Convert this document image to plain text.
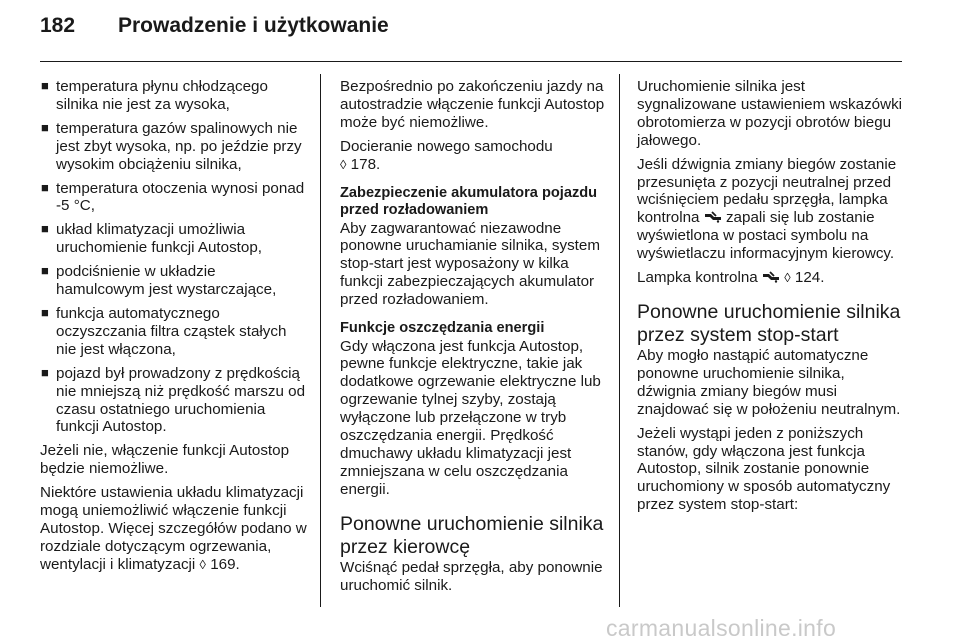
182 Prowadzenie i użytkowanie
■ temperatura płynu chłodzącego silnika nie jest za wysoka,
■ temperatura gazów spalinowych nie jest zbyt wysoka, np. po jeździe przy wysokim obciążeniu silnika,
■ temperatura otoczenia wynosi ponad -5 °C,
■ układ klimatyzacji umożliwia uruchomienie funkcji Autostop,
■ podciśnienie w układzie hamulcowym jest wystarczające,
■ funkcja automatycznego oczyszczania filtra cząstek stałych nie jest włączona,
■ pojazd był prowadzony z prędkością nie mniejszą niż prędkość marszu od czasu ostatniego uruchomienia funkcji Autostop.

Jeżeli nie, włączenie funkcji Autostop będzie niemożliwe.

Niektóre ustawienia układu klimatyzacji mogą uniemożliwić włączenie funkcji Autostop. Więcej szczegółów podano w rozdziale dotyczącym ogrzewania, wentylacji i klimatyzacji ◊ 169.

Bezpośrednio po zakończeniu jazdy na autostradzie włączenie funkcji Autostop może być niemożliwe.

Docieranie nowego samochodu
◊ 178.

Zabezpieczenie akumulatora pojazdu przed rozładowaniem

Aby zagwarantować niezawodne ponowne uruchamianie silnika, system stop-start jest wyposażony w kilka funkcji zabezpieczających akumulator przed rozładowaniem.

Funkcje oszczędzania energii

Gdy włączona jest funkcja Autostop, pewne funkcje elektryczne, takie jak dodatkowe ogrzewanie elektryczne lub ogrzewanie tylnej szyby, zostają wyłączone lub przełączone w tryb oszczędzania energii. Prędkość dmuchawy układu klimatyzacji jest zmniejszana w celu oszczędzania energii.

Ponowne uruchomienie silnika przez kierowcę

Wciśnąć pedał sprzęgła, aby ponownie uruchomić silnik.

Uruchomienie silnika jest sygnalizowane ustawieniem wskazówki obrotomierza w pozycji obrotów biegu jałowego.

Jeśli dźwignia zmiany biegów zostanie przesunięta z pozycji neutralnej przed wciśnięciem pedału sprzęgła, lampka kontrolna zapali się lub zostanie wyświetlona w postaci symbolu na wyświetlaczu informacyjnym kierowcy.

Lampka kontrolna ◊ 124.

Ponowne uruchomienie silnika przez system stop-start

Aby mogło nastąpić automatyczne ponowne uruchomienie silnika, dźwignia zmiany biegów musi znajdować się w położeniu neutralnym.

Jeżeli wystąpi jeden z poniższych stanów, gdy włączona jest funkcja Autostop, silnik zostanie ponownie uruchomiony w sposób automatyczny przez system stop-start:

carmanualsonline.info
